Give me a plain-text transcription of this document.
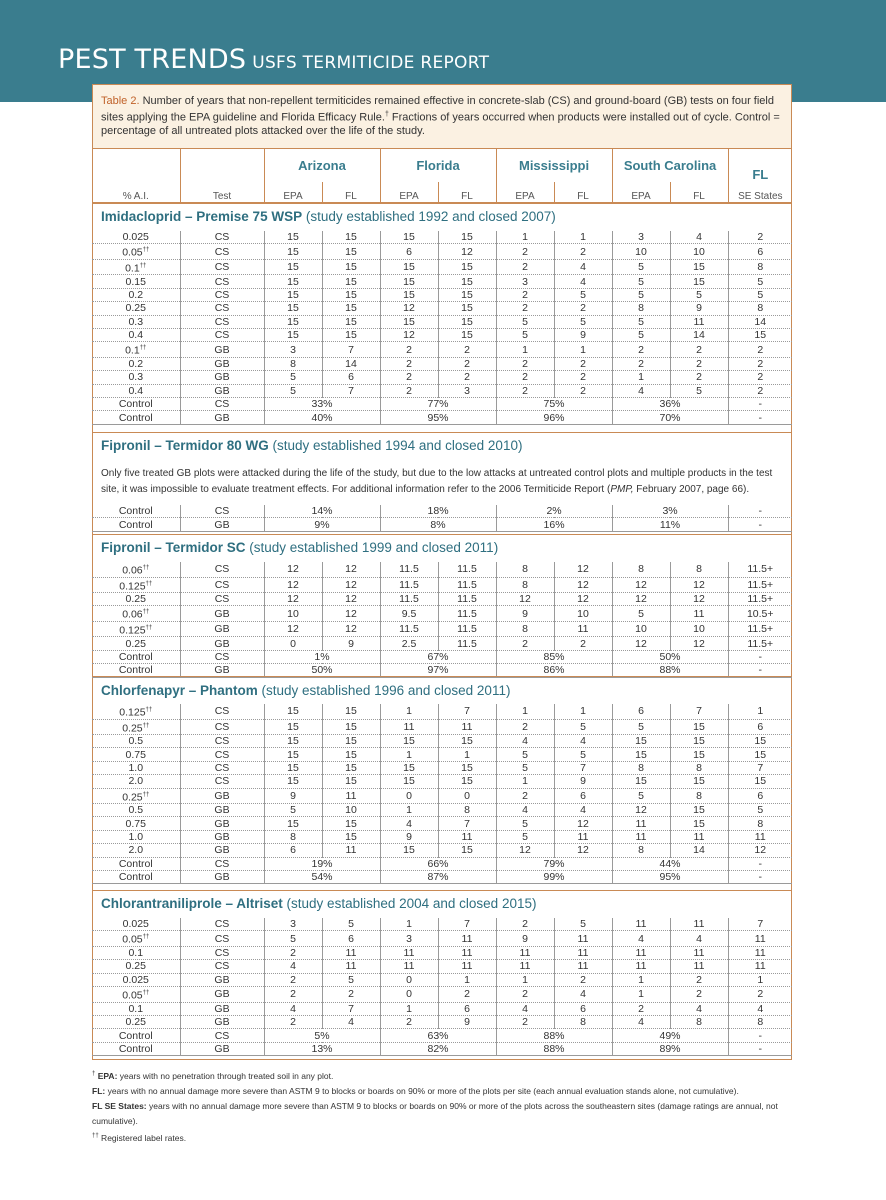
PEST TRENDS USFS TERMITICIDE REPORT
Table 2. Number of years that non-repellent termiticides remained effective in concrete-slab (CS) and ground-board (GB) tests on four field sites applying the EPA guideline and Florida Efficacy Rule.† Fractions of years occurred when products were installed out of cycle. Control = percentage of all untreated plots attacked over the life of the study.
		Arizona		Florida		Mississippi		South Carolina		FL
% A.I.	Test	EPA	FL	EPA	FL	EPA	FL	EPA	FL	SE States
Imidacloprid – Premise 75 WSP (study established 1992 and closed 2007)
0.025	CS	15	15	15	15	1	1	3	4	2
0.05††	CS	15	15	6	12	2	2	10	10	6
0.1††	CS	15	15	15	15	2	4	5	15	8
0.15	CS	15	15	15	15	3	4	5	15	5
0.2	CS	15	15	15	15	2	5	5	5	5
0.25	CS	15	15	12	15	2	2	8	9	8
0.3	CS	15	15	15	15	5	5	5	11	14
0.4	CS	15	15	12	15	5	9	5	14	15
0.1††	GB	3	7	2	2	1	1	2	2	2
0.2	GB	8	14	2	2	2	2	2	2	2
0.3	GB	5	6	2	2	2	2	1	2	2
0.4	GB	5	7	2	3	2	2	4	5	2
Control	CS	33%		77%		75%		36%		-
Control	GB	40%		95%		96%		70%		-
Fipronil – Termidor 80 WG (study established 1994 and closed 2010)
Only five treated GB plots were attacked during the life of the study, but due to the low attacks at untreated control plots and multiple products in the test site, it was impossible to evaluate treatment effects. For additional information refer to the 2006 Termiticide Report (PMP, February 2007, page 66).
Control	CS	14%	18%	2%	3%	-
Control	GB	9%	8%	16%	11%	-
Fipronil – Termidor SC (study established 1999 and closed 2011)
0.06††	CS	12	12	11.5	11.5	8	12	8	8	11.5+
0.125††	CS	12	12	11.5	11.5	8	12	12	12	11.5+
0.25	CS	12	12	11.5	11.5	12	12	12	12	11.5+
0.06††	GB	10	12	9.5	11.5	9	10	5	11	10.5+
0.125††	GB	12	12	11.5	11.5	8	11	10	10	11.5+
0.25	GB	0	9	2.5	11.5	2	2	12	12	11.5+
Control	CS	1%		67%		85%		50%		-
Control	GB	50%		97%		86%		88%		-
Chlorfenapyr – Phantom (study established 1996 and closed 2011)
0.125††	CS	15	15	1	7	1	1	6	7	1
0.25††	CS	15	15	11	11	2	5	5	15	6
0.5	CS	15	15	15	15	4	4	15	15	15
0.75	CS	15	15	1	1	5	5	15	15	15
1.0	CS	15	15	15	15	5	7	8	8	7
2.0	CS	15	15	15	15	1	9	15	15	15
0.25††	GB	9	11	0	0	2	6	5	8	6
0.5	GB	5	10	1	8	4	4	12	15	5
0.75	GB	15	15	4	7	5	12	11	15	8
1.0	GB	8	15	9	11	5	11	11	11	11
2.0	GB	6	11	15	15	12	12	8	14	12
Control	CS	19%		66%		79%		44%		-
Control	GB	54%		87%		99%		95%		-
Chlorantraniliprole – Altriset (study established 2004 and closed 2015)
0.025	CS	3	5	1	7	2	5	11	11	7
0.05††	CS	5	6	3	11	9	11	4	4	11
0.1	CS	2	11	11	11	11	11	11	11	11
0.25	CS	4	11	11	11	11	11	11	11	11
0.025	GB	2	5	0	1	1	2	1	2	1
0.05††	GB	2	2	0	2	2	4	1	2	2
0.1	GB	4	7	1	6	4	6	2	4	4
0.25	GB	2	4	2	9	2	8	4	8	8
Control	CS	5%		63%		88%		49%		-
Control	GB	13%		82%		88%		89%		-

† EPA: years with no penetration through treated soil in any plot.

FL: years with no annual damage more severe than ASTM 9 to blocks or boards on 90% or more of the plots per site (each annual evaluation stands alone, not cumulative).

FL SE States: years with no annual damage more severe than ASTM 9 to blocks or boards on 90% or more of the plots across the southeastern sites (damage ratings are annual, not cumulative).

†† Registered label rates.
